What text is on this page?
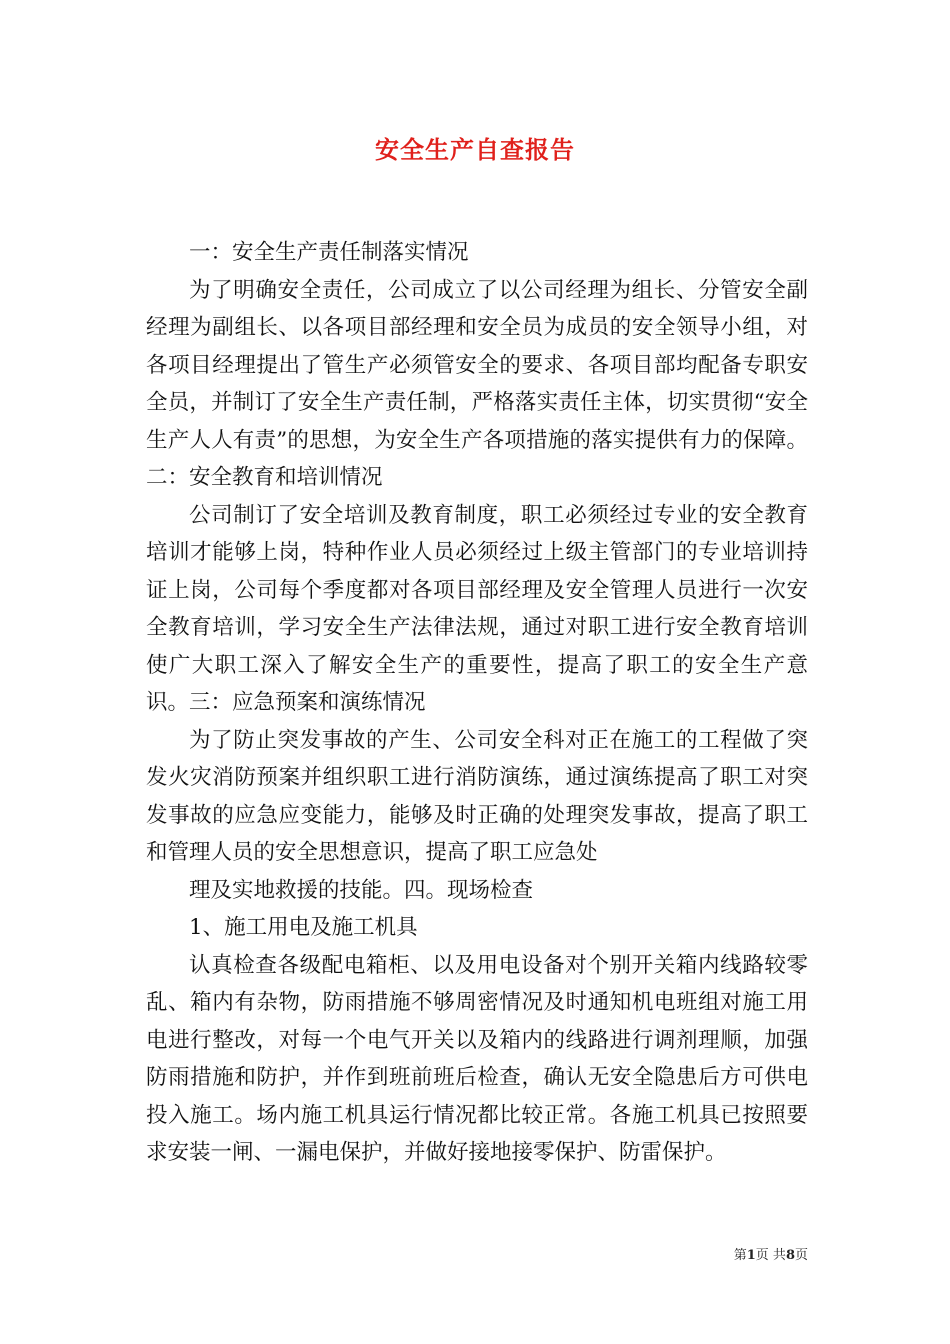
安全生产自查报告

一：安全生产责任制落实情况

为了明确安全责任，公司成立了以公司经理为组长、分管安全副经理为副组长、以各项目部经理和安全员为成员的安全领导小组，对各项目经理提出了管生产必须管安全的要求、各项目部均配备专职安全员，并制订了安全生产责任制，严格落实责任主体，切实贯彻“安全生产人人有责”的思想，为安全生产各项措施的落实提供有力的保障。二：安全教育和培训情况

公司制订了安全培训及教育制度，职工必须经过专业的安全教育培训才能够上岗，特种作业人员必须经过上级主管部门的专业培训持证上岗，公司每个季度都对各项目部经理及安全管理人员进行一次安全教育培训，学习安全生产法律法规，通过对职工进行安全教育培训使广大职工深入了解安全生产的重要性，提高了职工的安全生产意识。三：应急预案和演练情况

为了防止突发事故的产生、公司安全科对正在施工的工程做了突发火灾消防预案并组织职工进行消防演练，通过演练提高了职工对突发事故的应急应变能力，能够及时正确的处理突发事故，提高了职工和管理人员的安全思想意识，提高了职工应急处

理及实地救援的技能。四。现场检查

1、施工用电及施工机具

认真检查各级配电箱柜、以及用电设备对个别开关箱内线路较零乱、箱内有杂物，防雨措施不够周密情况及时通知机电班组对施工用电进行整改，对每一个电气开关以及箱内的线路进行调剂理顺，加强防雨措施和防护，并作到班前班后检查，确认无安全隐患后方可供电投入施工。场内施工机具运行情况都比较正常。各施工机具已按照要求安装一闸、一漏电保护，并做好接地接零保护、防雷保护。

第1页 共8页
